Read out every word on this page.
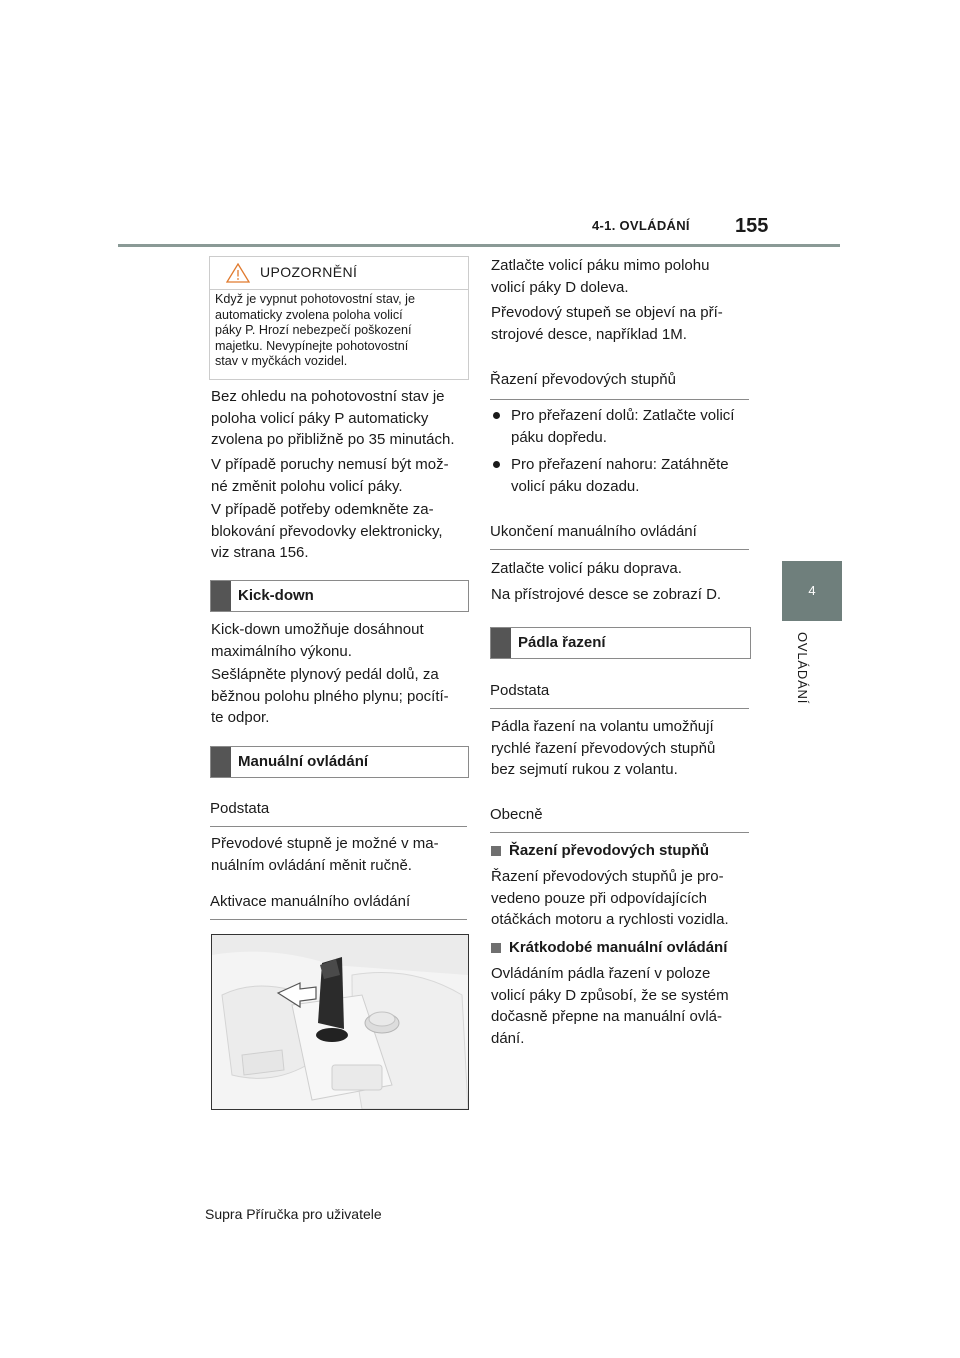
4-1. OVLÁDÁNÍ 155
4
OVLÁDÁNÍ
UPOZORNĚNÍ
Když je vypnut pohotovostní stav, je
automaticky zvolena poloha volicí
páky P. Hrozí nebezpečí poškození
majetku. Nevypínejte pohotovostní
stav v myčkách vozidel.
Bez ohledu na pohotovostní stav je
poloha volicí páky P automaticky
zvolena po přibližně po 35 minutách.
V případě poruchy nemusí být mož-
né změnit polohu volicí páky.
V případě potřeby odemkněte za-
blokování převodovky elektronicky,
viz strana 156.
Kick-down
Kick-down umožňuje dosáhnout
maximálního výkonu.
Sešlápněte plynový pedál dolů, za
běžnou polohu plného plynu; pocítí-
te odpor.
Manuální ovládání
Podstata
Převodové stupně je možné v ma-
nuálním ovládání měnit ručně.
Aktivace manuálního ovládání
Zatlačte volicí páku mimo polohu
volicí páky D doleva.
Převodový stupeň se objeví na pří-
strojové desce, například 1M.
Řazení převodových stupňů
Pro přeřazení dolů: Zatlačte volicí
páku dopředu.
Pro přeřazení nahoru: Zatáhněte
volicí páku dozadu.
Ukončení manuálního ovládání
Zatlačte volicí páku doprava.
Na přístrojové desce se zobrazí D.
Pádla řazení
Podstata
Pádla řazení na volantu umožňují
rychlé řazení převodových stupňů
bez sejmutí rukou z volantu.
Obecně
Řazení převodových stupňů
Řazení převodových stupňů je pro-
vedeno pouze při odpovídajících
otáčkách motoru a rychlosti vozidla.
Krátkodobé manuální ovládání
Ovládáním pádla řazení v poloze
volicí páky D způsobí, že se systém
dočasně přepne na manuální ovlá-
dání.
Supra Příručka pro uživatele
